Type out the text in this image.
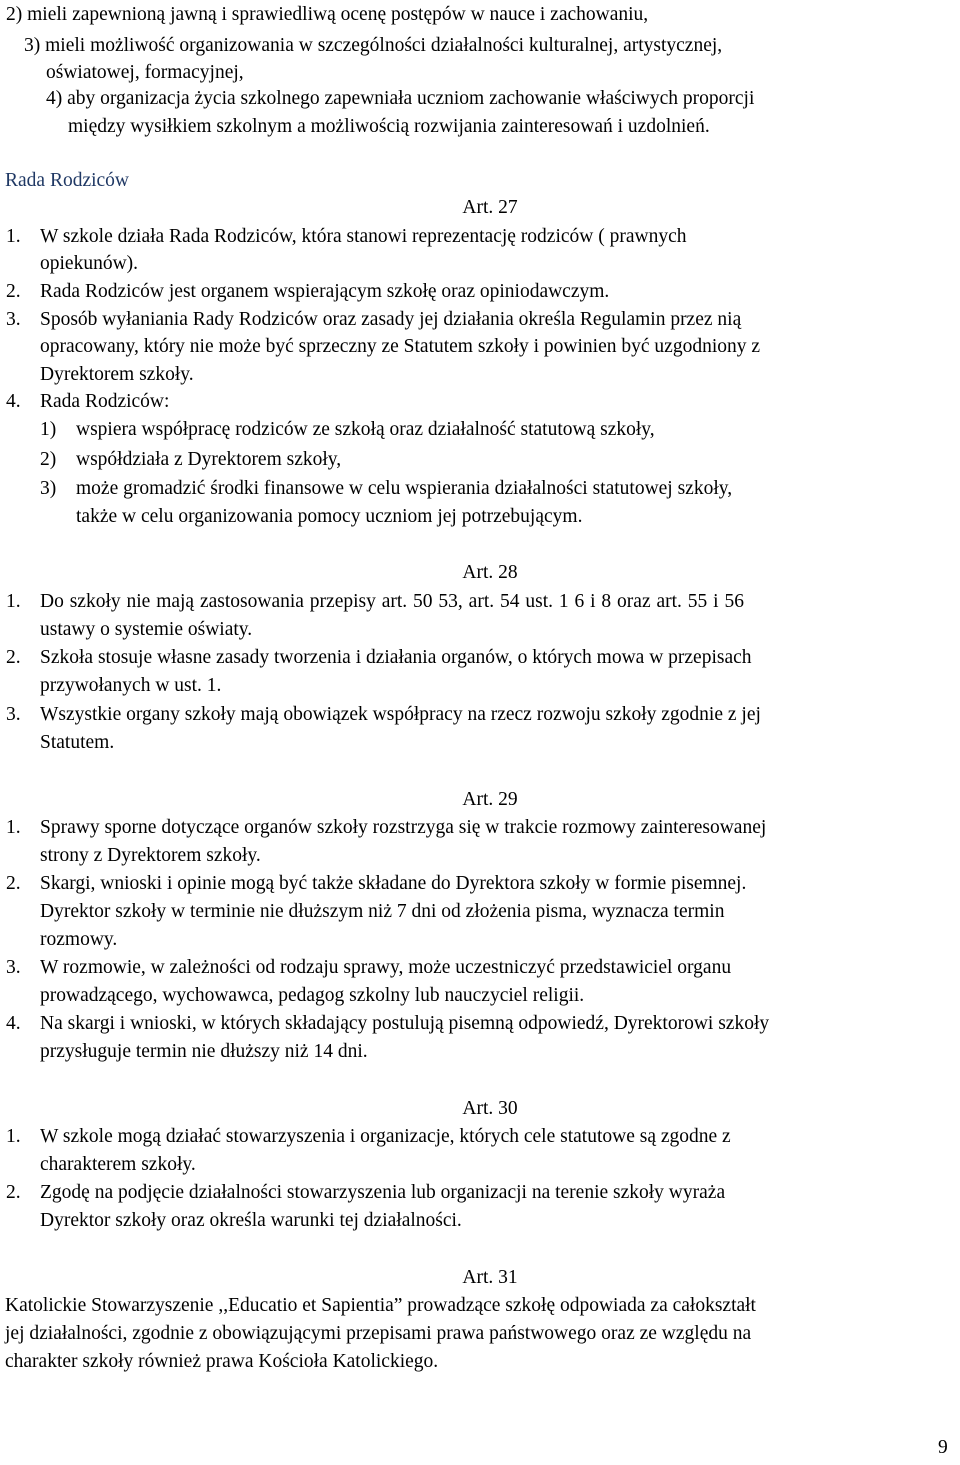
2) mieli zapewnioną jawną i sprawiedliwą ocenę postępów w nauce i zachowaniu,
3) mieli możliwość organizowania w szczególności działalności kulturalnej, artystycznej,
oświatowej, formacyjnej,
4) aby organizacja życia szkolnego zapewniała uczniom zachowanie właściwych proporcji
między wysiłkiem szkolnym a możliwością rozwijania zainteresowań i uzdolnień.
Rada Rodziców
Art. 27
1. W szkole działa Rada Rodziców, która stanowi reprezentację rodziców ( prawnych
opiekunów).
2. Rada Rodziców jest organem wspierającym szkołę oraz opiniodawczym.
3. Sposób wyłaniania Rady Rodziców oraz zasady jej działania określa Regulamin przez nią
opracowany, który nie może być sprzeczny ze Statutem szkoły i powinien być uzgodniony z
Dyrektorem szkoły.
4. Rada Rodziców:
1) wspiera współpracę rodziców ze szkołą oraz działalność statutową szkoły,
2) współdziała z Dyrektorem szkoły,
3) może gromadzić środki finansowe w celu wspierania działalności statutowej szkoły,
także w celu organizowania pomocy uczniom jej potrzebującym.
Art. 28
1. Do szkoły nie mają zastosowania przepisy art. 50 53, art. 54 ust. 1 6 i 8 oraz art. 55 i 56
ustawy o systemie oświaty.
2. Szkoła stosuje własne zasady tworzenia i działania organów, o których mowa w przepisach
przywołanych w ust. 1.
3. Wszystkie organy szkoły mają obowiązek współpracy na rzecz rozwoju szkoły zgodnie z jej
Statutem.
Art. 29
1. Sprawy sporne dotyczące organów szkoły rozstrzyga się w trakcie rozmowy zainteresowanej
strony z Dyrektorem szkoły.
2. Skargi, wnioski i opinie mogą być także składane do Dyrektora szkoły w formie pisemnej.
Dyrektor szkoły w terminie nie dłuższym niż 7 dni od złożenia pisma, wyznacza termin
rozmowy.
3. W rozmowie, w zależności od rodzaju sprawy, może uczestniczyć przedstawiciel organu
prowadzącego, wychowawca, pedagog szkolny lub nauczyciel religii.
4. Na skargi i wnioski, w których składający postulują pisemną odpowiedź, Dyrektorowi szkoły
przysługuje termin nie dłuższy niż 14 dni.
Art. 30
1. W szkole mogą działać stowarzyszenia i organizacje, których cele statutowe są zgodne z
charakterem szkoły.
2. Zgodę na podjęcie działalności stowarzyszenia lub organizacji na terenie szkoły wyraża
Dyrektor szkoły oraz określa warunki tej działalności.
Art. 31
Katolickie Stowarzyszenie ,,Educatio et Sapientia” prowadzące szkołę odpowiada za całokształt
jej działalności, zgodnie z obowiązującymi przepisami prawa państwowego oraz ze względu na
charakter szkoły również prawa Kościoła Katolickiego.
9
